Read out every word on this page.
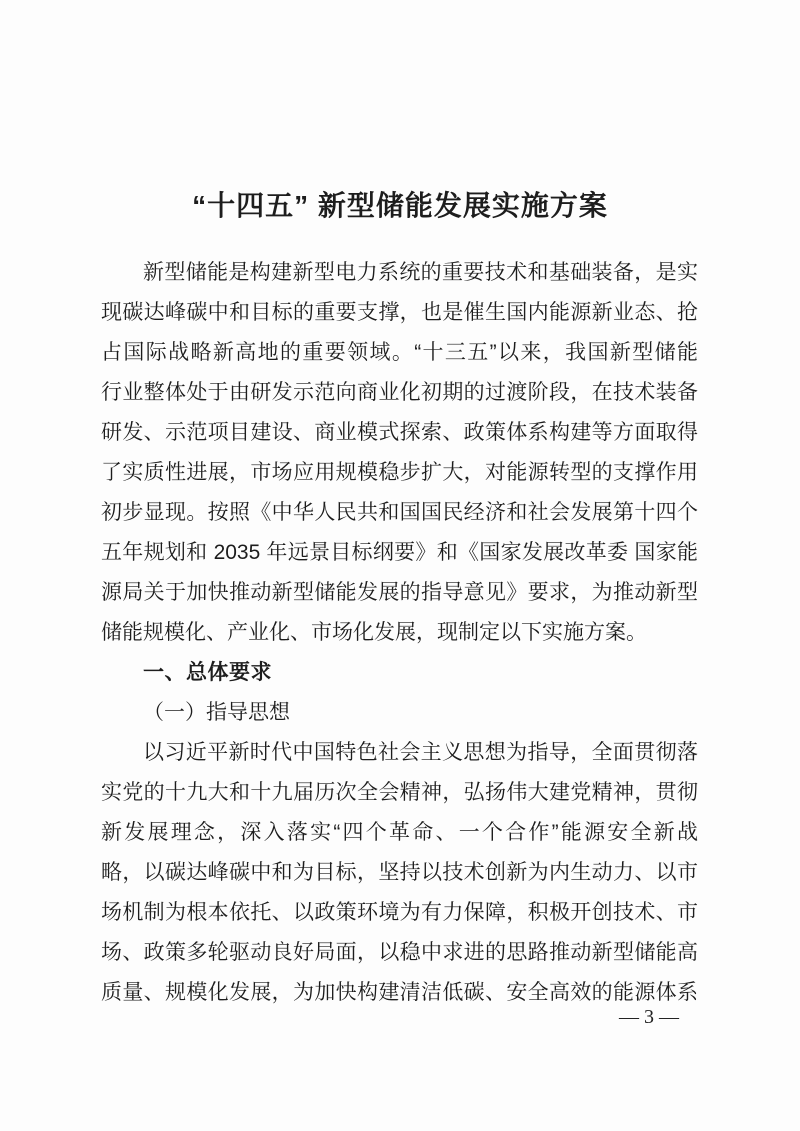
“十四五” 新型储能发展实施方案
新型储能是构建新型电力系统的重要技术和基础装备，是实
现碳达峰碳中和目标的重要支撑，也是催生国内能源新业态、抢
占国际战略新高地的重要领域。“十三五”以来，我国新型储能
行业整体处于由研发示范向商业化初期的过渡阶段，在技术装备
研发、示范项目建设、商业模式探索、政策体系构建等方面取得
了实质性进展，市场应用规模稳步扩大，对能源转型的支撑作用
初步显现。按照《中华人民共和国国民经济和社会发展第十四个
五年规划和 2035 年远景目标纲要》和《国家发展改革委 国家能
源局关于加快推动新型储能发展的指导意见》要求，为推动新型
储能规模化、产业化、市场化发展，现制定以下实施方案。
一、总体要求
（一）指导思想
以习近平新时代中国特色社会主义思想为指导，全面贯彻落
实党的十九大和十九届历次全会精神，弘扬伟大建党精神，贯彻
新发展理念，深入落实“四个革命、一个合作”能源安全新战
略，以碳达峰碳中和为目标，坚持以技术创新为内生动力、以市
场机制为根本依托、以政策环境为有力保障，积极开创技术、市
场、政策多轮驱动良好局面，以稳中求进的思路推动新型储能高
质量、规模化发展，为加快构建清洁低碳、安全高效的能源体系
— 3 —
